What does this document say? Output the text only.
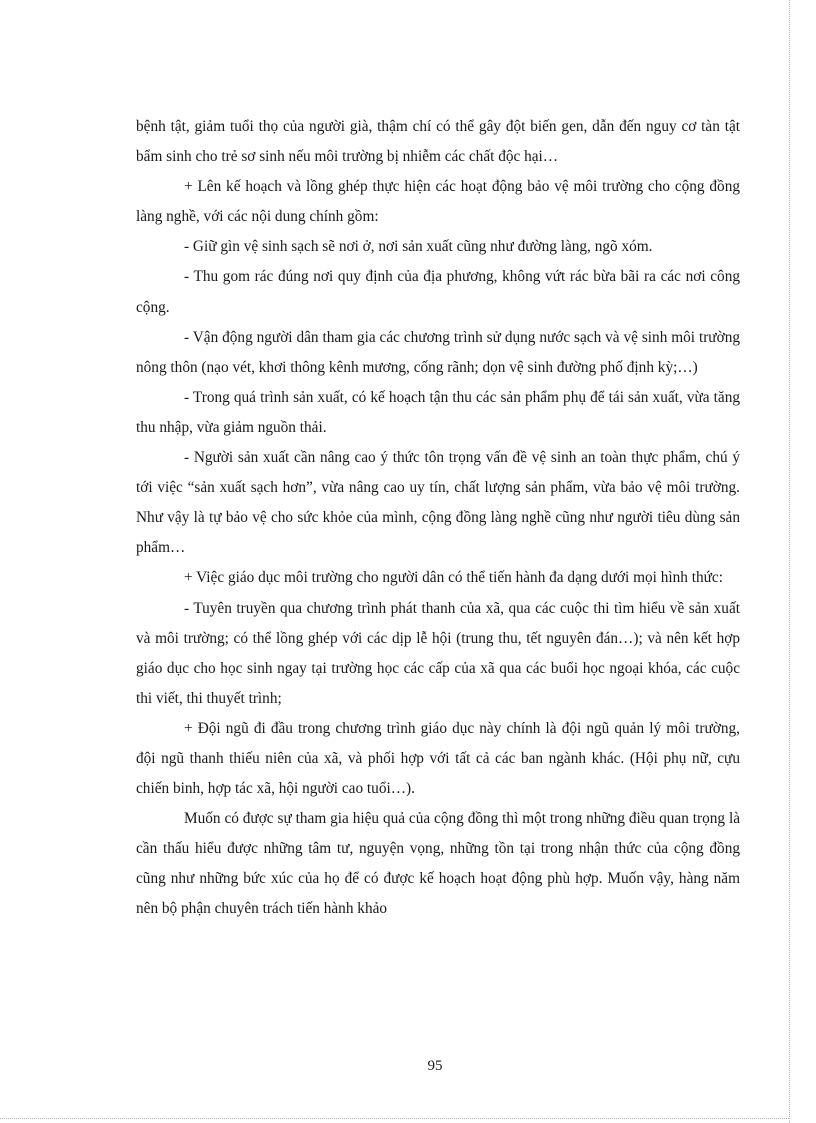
bệnh tật, giảm tuổi thọ của người già, thậm chí có thể gây đột biến gen, dẫn đến nguy cơ tàn tật bẩm sinh cho trẻ sơ sinh nếu môi trường bị nhiễm các chất độc hại…

+ Lên kế hoạch và lồng ghép thực hiện các hoạt động bảo vệ môi trường cho cộng đồng làng nghề, với các nội dung chính gồm:

- Giữ gìn vệ sinh sạch sẽ nơi ở, nơi sản xuất cũng như đường làng, ngõ xóm.

- Thu gom rác đúng nơi quy định của địa phương, không vứt rác bừa bãi ra các nơi công cộng.

- Vận động người dân tham gia các chương trình sử dụng nước sạch và vệ sinh môi trường nông thôn (nạo vét, khơi thông kênh mương, cống rãnh; dọn vệ sinh đường phố định kỳ;…)

- Trong quá trình sản xuất, có kế hoạch tận thu các sản phẩm phụ để tái sản xuất, vừa tăng thu nhập, vừa giảm nguồn thải.

- Người sản xuất cần nâng cao ý thức tôn trọng vấn đề vệ sinh an toàn thực phẩm, chú ý tới việc “sản xuất sạch hơn”, vừa nâng cao uy tín, chất lượng sản phẩm, vừa bảo vệ môi trường. Như vậy là tự bảo vệ cho sức khỏe của mình, cộng đồng làng nghề cũng như người tiêu dùng sản phẩm…

+ Việc giáo dục môi trường cho người dân có thể tiến hành đa dạng dưới mọi hình thức:

- Tuyên truyền qua chương trình phát thanh của xã, qua các cuộc thi tìm hiểu về sản xuất và môi trường; có thể lồng ghép với các dịp lễ hội (trung thu, tết nguyên đán…); và nên kết hợp giáo dục cho học sinh ngay tại trường học các cấp của xã qua các buổi học ngoại khóa, các cuộc thi viết, thi thuyết trình;

+ Đội ngũ đi đầu trong chương trình giáo dục này chính là đội ngũ quản lý môi trường, đội ngũ thanh thiếu niên của xã, và phối hợp với tất cả các ban ngành khác. (Hội phụ nữ, cựu chiến binh, hợp tác xã, hội người cao tuổi…).

Muốn có được sự tham gia hiệu quả của cộng đồng thì một trong những điều quan trọng là cần thấu hiểu được những tâm tư, nguyện vọng, những tồn tại trong nhận thức của cộng đồng cũng như những bức xúc của họ để có được kế hoạch hoạt động phù hợp. Muốn vậy, hàng năm nên bộ phận chuyên trách tiến hành khảo

95
